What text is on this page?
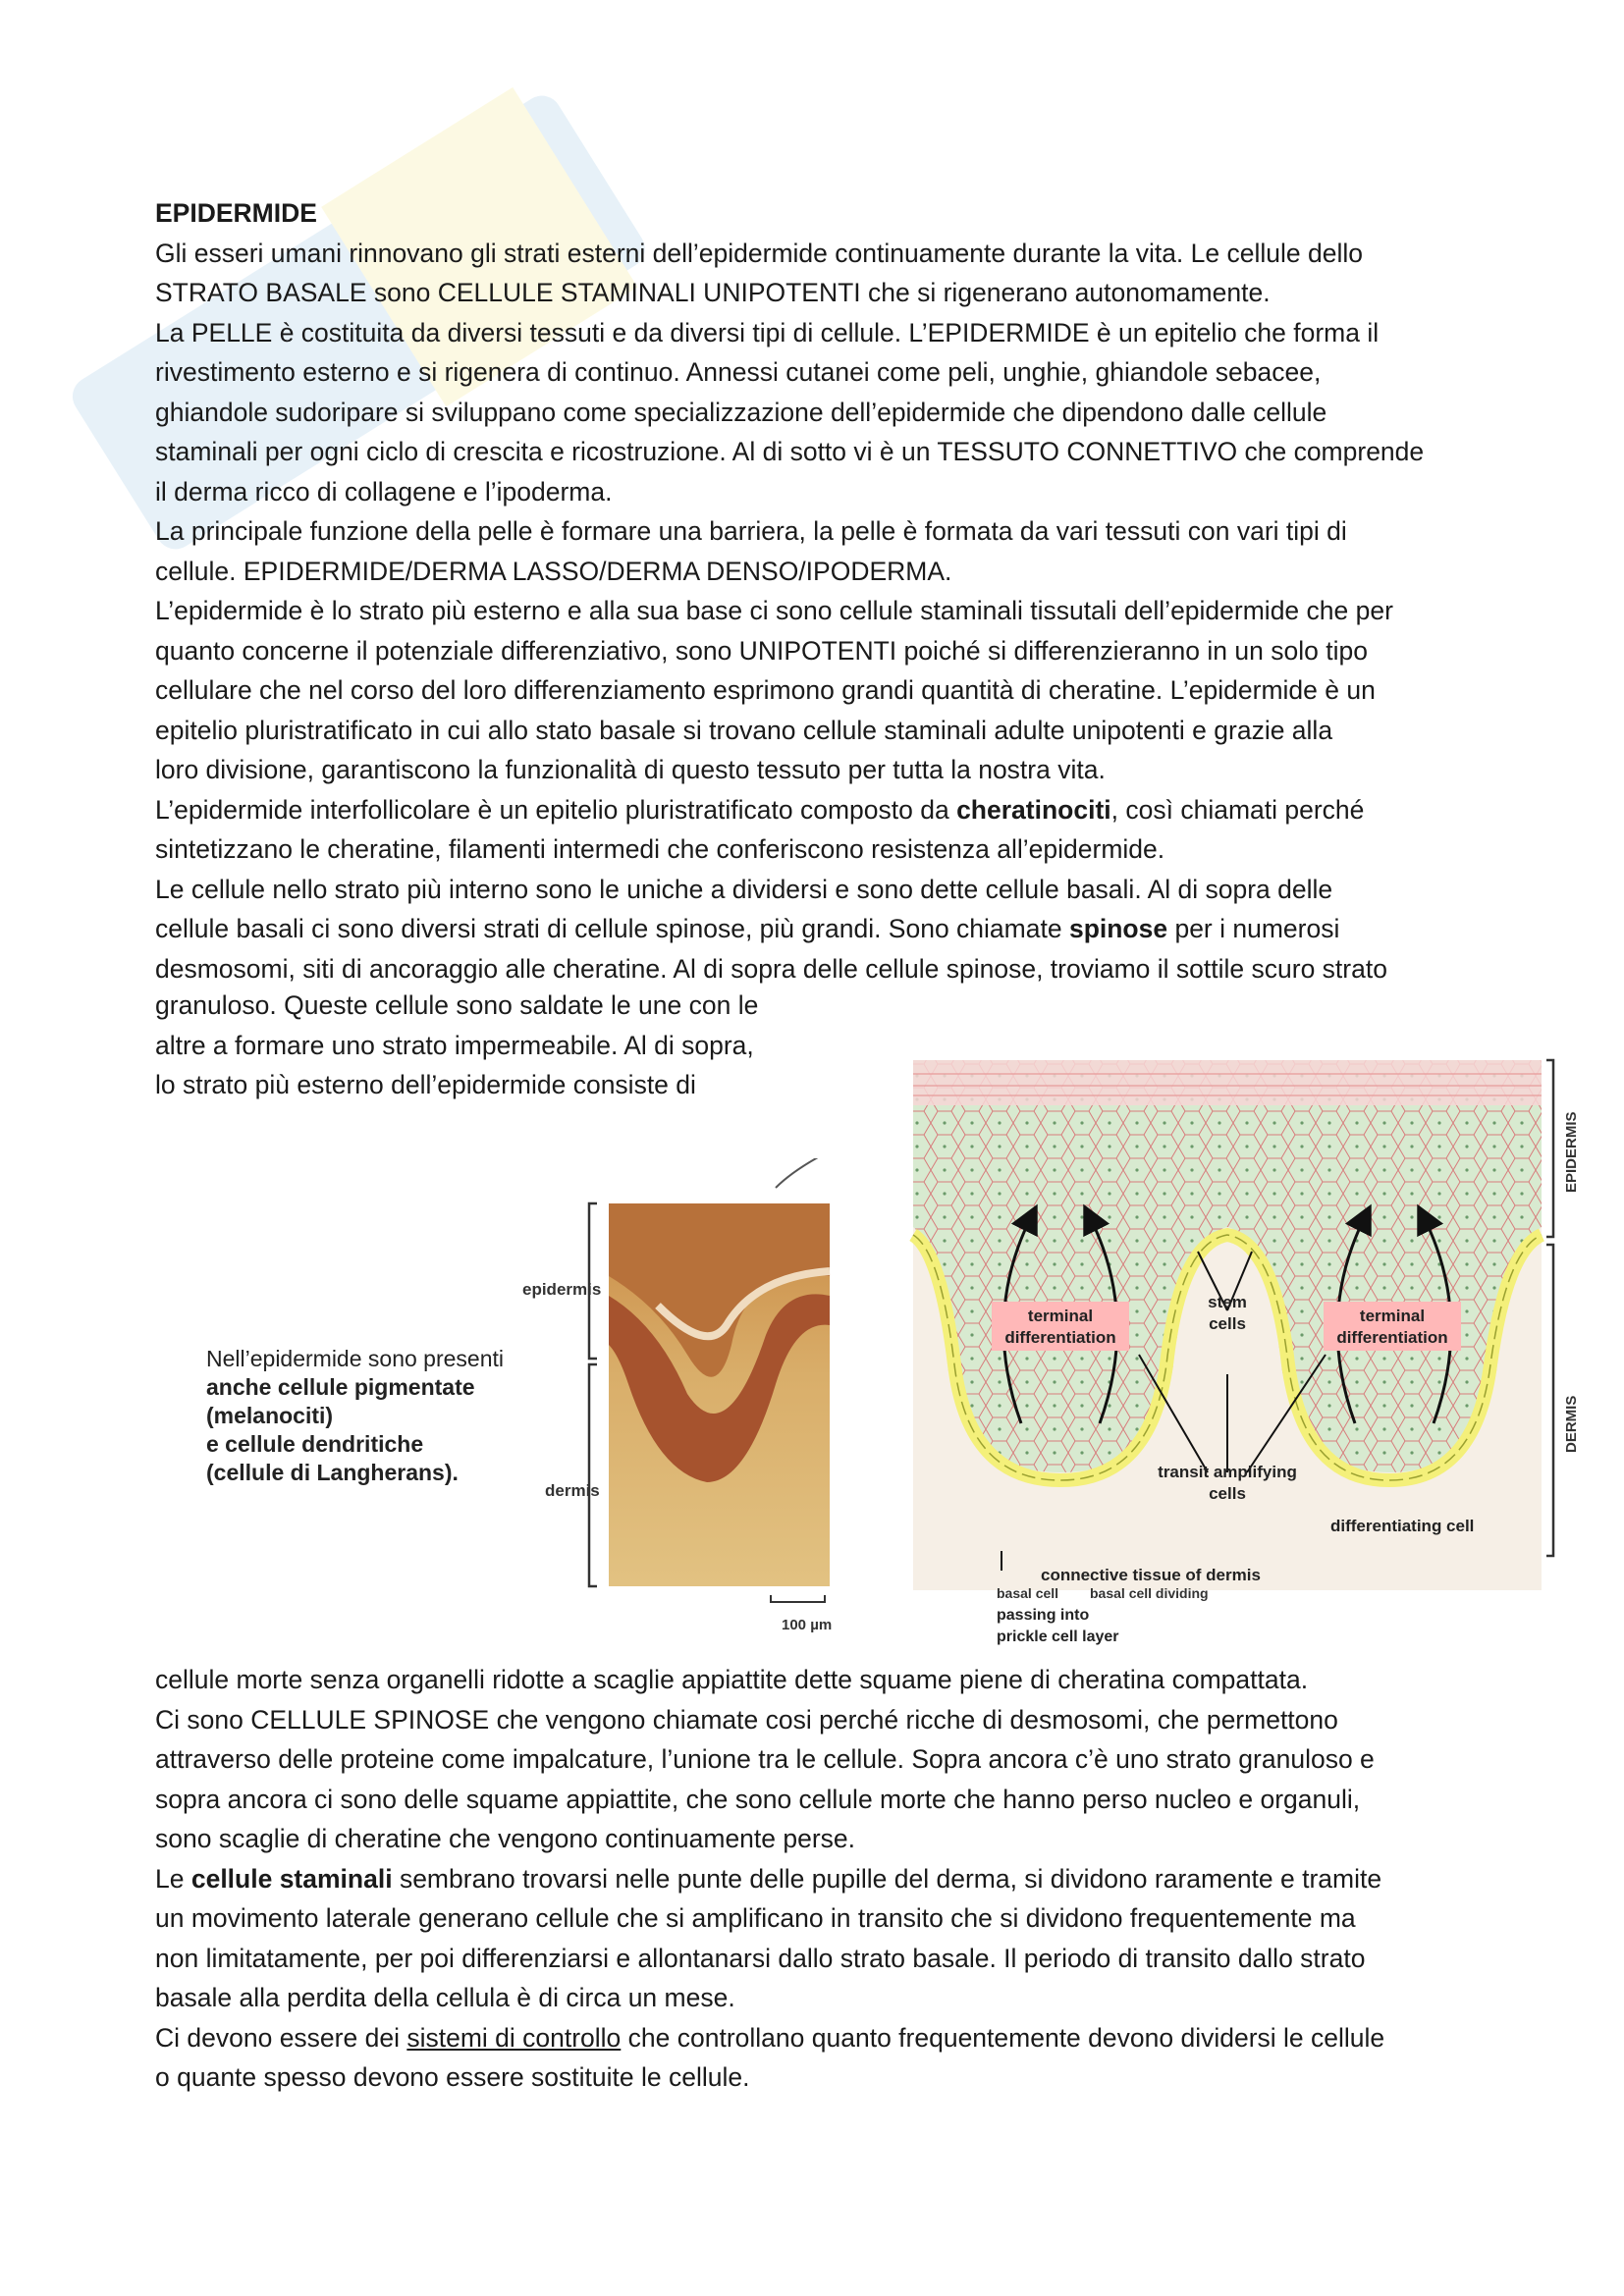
EPIDERMIDE

Gli esseri umani rinnovano gli strati esterni dell’epidermide continuamente durante la vita. Le cellule dello
STRATO BASALE sono CELLULE STAMINALI UNIPOTENTI che si rigenerano autonomamente.

La PELLE è costituita da diversi tessuti e da diversi tipi di cellule. L’EPIDERMIDE è un epitelio che forma il
rivestimento esterno e si rigenera di continuo. Annessi cutanei come peli, unghie, ghiandole sebacee,
ghiandole sudoripare si sviluppano come specializzazione dell’epidermide che dipendono dalle cellule
staminali per ogni ciclo di crescita e ricostruzione. Al di sotto vi è un TESSUTO CONNETTIVO che comprende
il derma ricco di collagene e l’ipoderma.

La principale funzione della pelle è formare una barriera, la pelle è formata da vari tessuti con vari tipi di
cellule. EPIDERMIDE/DERMA LASSO/DERMA DENSO/IPODERMA.

L’epidermide è lo strato più esterno e alla sua base ci sono cellule staminali tissutali dell’epidermide che per
quanto concerne il potenziale differenziativo, sono UNIPOTENTI poiché si differenzieranno in un solo tipo
cellulare che nel corso del loro differenziamento esprimono grandi quantità di cheratine. L’epidermide è un
epitelio pluristratificato in cui allo stato basale si trovano cellule staminali adulte unipotenti e grazie alla
loro divisione, garantiscono la funzionalità di questo tessuto per tutta la nostra vita.

L’epidermide interfollicolare è un epitelio pluristratificato composto da cheratinociti, così chiamati perché
sintetizzano le cheratine, filamenti intermedi che conferiscono resistenza all’epidermide.

Le cellule nello strato più interno sono le uniche a dividersi e sono dette cellule basali. Al di sopra delle
cellule basali ci sono diversi strati di cellule spinose, più grandi. Sono chiamate spinose per i numerosi
desmosomi, siti di ancoraggio alle cheratine. Al di sopra delle cellule spinose, troviamo il sottile scuro strato

granuloso. Queste cellule sono saldate le une con le
altre a formare uno strato impermeabile. Al di sopra,
lo strato più esterno dell’epidermide consiste di
Nell’epidermide sono presenti
anche cellule pigmentate
(melanociti)
e cellule dendritiche
(cellule di Langherans).
epidermis
dermis
100 µm
terminal
differentiation
terminal
differentiation
stem
cells
transit amplifying
cells
differentiating cell
connective tissue of dermis
basal cell basal cell dividing
passing into
prickle cell layer
EPIDERMIS
DERMIS

cellule morte senza organelli ridotte a scaglie appiattite dette squame piene di cheratina compattata.

Ci sono CELLULE SPINOSE che vengono chiamate cosi perché ricche di desmosomi, che permettono
attraverso delle proteine come impalcature, l’unione tra le cellule. Sopra ancora c’è uno strato granuloso e
sopra ancora ci sono delle squame appiattite, che sono cellule morte che hanno perso nucleo e organuli,
sono scaglie di cheratine che vengono continuamente perse.

Le cellule staminali sembrano trovarsi nelle punte delle pupille del derma, si dividono raramente e tramite
un movimento laterale generano cellule che si amplificano in transito che si dividono frequentemente ma
non limitatamente, per poi differenziarsi e allontanarsi dallo strato basale. Il periodo di transito dallo strato
basale alla perdita della cellula è di circa un mese.

Ci devono essere dei sistemi di controllo che controllano quanto frequentemente devono dividersi le cellule
o quante spesso devono essere sostituite le cellule.
